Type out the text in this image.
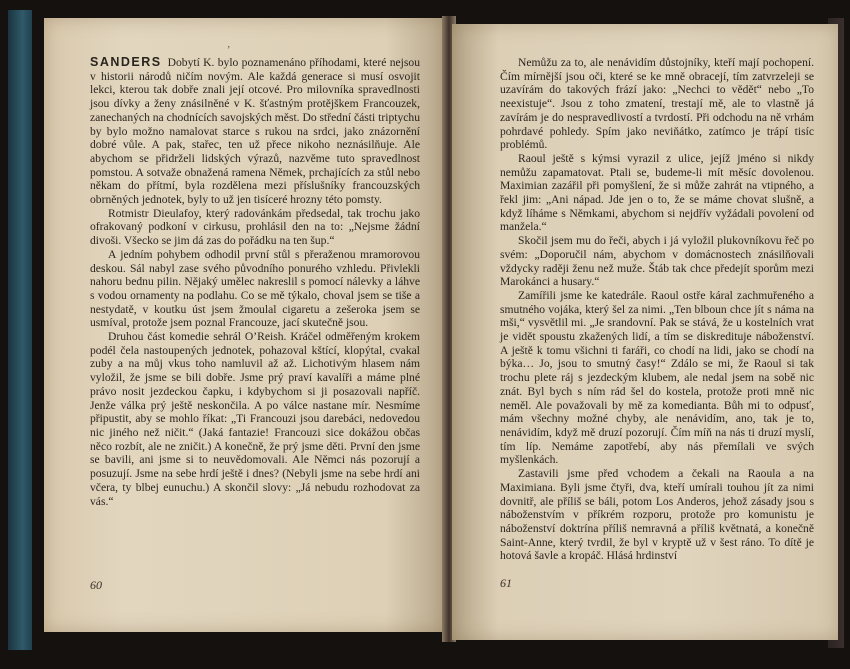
ʼ

SANDERS Dobytí K. bylo poznamenáno příhodami, které nejsou v historii národů ničím novým. Ale každá generace si musí osvojit lekci, kterou tak dobře znali její otcové. Pro milovníka spravedlnosti jsou dívky a ženy znásilněné v K. šťastným protějškem Francouzek, zanechaných na chodnících savojských měst. Do střední části triptychu by bylo možno namalovat starce s rukou na srdci, jako znázornění dobré vůle. A pak, stařec, ten už přece nikoho neznásilňuje. Ale abychom se přidrželi lidských výrazů, nazvěme tuto spravedlnost pomstou. A sotvaže obnažená ramena Němek, prchajících za stůl nebo někam do přítmí, byla rozdělena mezi příslušníky francouzských obrněných jednotek, byly to už jen tisíceré hrozny této pomsty.

Rotmistr Dieulafoy, který radovánkám předsedal, tak trochu jako ofrakovaný podkoní v cirkusu, prohlásil den na to: „Nejsme žádní divoši. Všecko se jim dá zas do pořádku na ten šup.“

A jedním pohybem odhodil první stůl s přeraženou mramorovou deskou. Sál nabyl zase svého původního ponurého vzhledu. Přivlekli nahoru bednu pilin. Nějaký umělec nakreslil s pomocí nálevky a láhve s vodou ornamenty na podlahu. Co se mě týkalo, choval jsem se tiše a nestydatě, v koutku úst jsem žmoulal cigaretu a zešeroka jsem se usmíval, protože jsem poznal Francouze, jací skutečně jsou.

Druhou část komedie sehrál O’Reish. Kráčel odměřeným krokem podél čela nastoupených jednotek, pohazoval kštící, klopýtal, cvakal zuby a na můj vkus toho namluvil až až. Lichotivým hlasem nám vyložil, že jsme se bili dobře. Jsme prý praví kavalíři a máme plné právo nosit jezdeckou čapku, i kdybychom si ji posazovali napříč. Jenže válka prý ještě neskončila. A po válce nastane mír. Nesmíme připustit, aby se mohlo říkat: „Ti Francouzi jsou darebáci, nedovedou nic jiného než ničit.“ (Jaká fantazie! Francouzi sice dokážou občas něco rozbít, ale ne zničit.) A konečně, že prý jsme děti. První den jsme se bavili, ani jsme si to neuvědomovali. Ale Němci nás pozorují a posuzují. Jsme na sebe hrdí ještě i dnes? (Nebyli jsme na sebe hrdí ani včera, ty blbej eunuchu.) A skončil slovy: „Já nebudu rozhodovat za vás.“

60

Nemůžu za to, ale nenávidím důstojníky, kteří mají pochopení. Čím mírnější jsou oči, které se ke mně obracejí, tím zatvrzeleji se uzavírám do takových frází jako: „Nechci to vědět“ nebo „To neexistuje“. Jsou z toho zmatení, trestají mě, ale to vlastně já zavírám je do nespravedlivostí a tvrdostí. Při odchodu na ně vrhám pohrdavé pohledy. Spím jako neviňátko, zatímco je trápí tisíc problémů.

Raoul ještě s kýmsi vyrazil z ulice, jejíž jméno si nikdy nemůžu zapamatovat. Ptali se, budeme-li mít měsíc dovolenou. Maximian zazářil při pomyšlení, že si může zahrát na vtipného, a řekl jim: „Ani nápad. Jde jen o to, že se máme chovat slušně, a když líháme s Němkami, abychom si nejdřív vyžádali povolení od manžela.“

Skočil jsem mu do řeči, abych i já vyložil plukovníkovu řeč po svém: „Doporučil nám, abychom v domácnostech znásilňovali vždycky raději ženu než muže. Štáb tak chce předejít sporům mezi Marokánci a husary.“

Zamířili jsme ke katedrále. Raoul ostře káral zachmuřeného a smutného vojáka, který šel za nimi. „Ten blboun chce jít s náma na mši,“ vysvětlil mi. „Je srandovní. Pak se stává, že u kostelních vrat je vidět spoustu zkažených lidí, a tím se diskredituje náboženství. A ještě k tomu všichni ti faráři, co chodí na lidi, jako se chodí na býka… Jo, jsou to smutný časy!“ Zdálo se mi, že Raoul si tak trochu plete ráj s jezdeckým klubem, ale nedal jsem na sobě nic znát. Byl bych s ním rád šel do kostela, protože proti mně nic neměl. Ale považovali by mě za komedianta. Bůh mi to odpusť, mám všechny možné chyby, ale nenávidím, ano, tak je to, nenávidím, když mě druzí pozorují. Čím míň na nás ti druzí myslí, tím líp. Nemáme zapotřebí, aby nás přemílali ve svých myšlenkách.

Zastavili jsme před vchodem a čekali na Raoula a na Maximiana. Byli jsme čtyři, dva, kteří umírali touhou jít za nimi dovnitř, ale příliš se báli, potom Los Anderos, jehož zásady jsou s náboženstvím v příkrém rozporu, protože pro komunistu je náboženství doktrína příliš nemravná a příliš květnatá, a konečně Saint-Anne, který tvrdil, že byl v kryptě už v šest ráno. To dítě je hotová šavle a kropáč. Hlásá hrdinství

61
